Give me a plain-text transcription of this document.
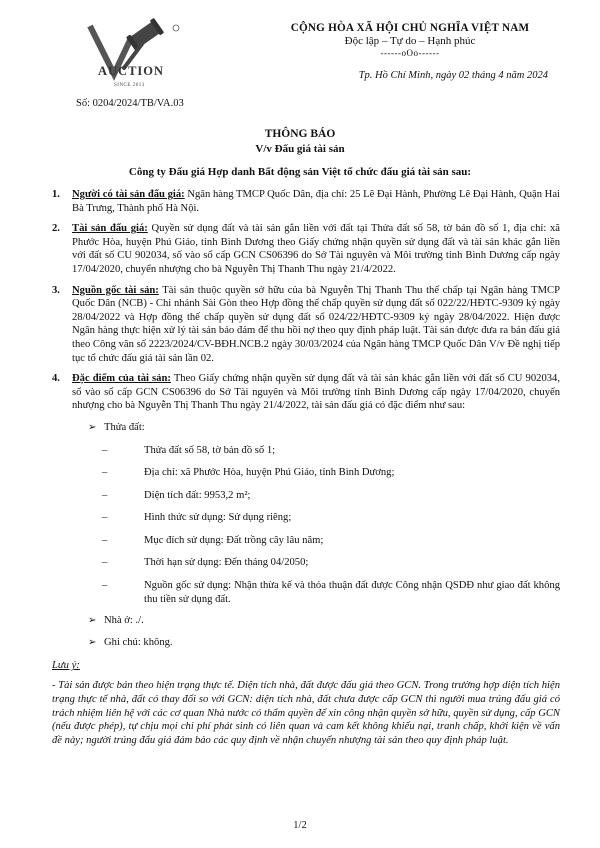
AUCTION
SINCE 2013
Số: 0204/2024/TB/VA.03
CỘNG HÒA XÃ HỘI CHỦ NGHĨA VIỆT NAM
Độc lập – Tự do – Hạnh phúc
------oOo------
Tp. Hồ Chí Minh, ngày 02 tháng 4 năm 2024
THÔNG BÁO
V/v Đấu giá tài sản
Công ty Đấu giá Hợp danh Bất động sản Việt tổ chức đấu giá tài sản sau:
1. Người có tài sản đấu giá: Ngân hàng TMCP Quốc Dân, địa chỉ: 25 Lê Đại Hành, Phường Lê Đại Hành, Quận Hai Bà Trưng, Thành phố Hà Nội.
2. Tài sản đấu giá: Quyền sử dụng đất và tài sản gắn liền với đất tại Thửa đất số 58, tờ bản đồ số 1, địa chỉ: xã Phước Hòa, huyện Phú Giáo, tỉnh Bình Dương theo Giấy chứng nhận quyền sử dụng đất và tài sản khác gắn liền với đất số CU 902034, số vào sổ cấp GCN CS06396 do Sở Tài nguyên và Môi trường tỉnh Bình Dương cấp ngày 17/04/2020, chuyển nhượng cho bà Nguyễn Thị Thanh Thu ngày 21/4/2022.
3. Nguồn gốc tài sản: Tài sản thuộc quyền sở hữu của bà Nguyễn Thị Thanh Thu thế chấp tại Ngân hàng TMCP Quốc Dân (NCB) - Chi nhánh Sài Gòn theo Hợp đồng thế chấp quyền sử dụng đất số 022/22/HĐTC-9309 ký ngày 28/04/2022 và Hợp đồng thế chấp quyền sử dụng đất số 024/22/HĐTC-9309 ký ngày 28/04/2022. Hiện được Ngân hàng thực hiện xử lý tài sản bảo đảm để thu hồi nợ theo quy định pháp luật. Tài sản được đưa ra bán đấu giá theo Công văn số 2223/2024/CV-BĐH.NCB.2 ngày 30/03/2024 của Ngân hàng TMCP Quốc Dân V/v Đề nghị tiếp tục tổ chức đấu giá tài sản lần 02.
4. Đặc điểm của tài sản: Theo Giấy chứng nhận quyền sử dụng đất và tài sản khác gắn liền với đất số CU 902034, số vào sổ cấp GCN CS06396 do Sở Tài nguyên và Môi trường tỉnh Bình Dương cấp ngày 17/04/2020, chuyển nhượng cho bà Nguyễn Thị Thanh Thu ngày 21/4/2022, tài sản đấu giá có đặc điểm như sau:
➢ Thửa đất:
–	Thửa đất số 58, tờ bản đồ số 1;
–	Địa chỉ: xã Phước Hòa, huyện Phú Giáo, tỉnh Bình Dương;
–	Diện tích đất: 9953,2 m²;
–	Hình thức sử dụng: Sử dụng riêng;
–	Mục đích sử dụng: Đất trồng cây lâu năm;
–	Thời hạn sử dụng: Đến tháng 04/2050;
–	Nguồn gốc sử dụng: Nhận thừa kế và thỏa thuận đất được Công nhận QSDĐ như giao đất không thu tiền sử dụng đất.
➢ Nhà ở: ./.
➢ Ghi chú: không.
Lưu ý:
- Tài sản được bán theo hiện trạng thực tế. Diện tích nhà, đất được đấu giá theo GCN. Trong trường hợp diện tích hiện trạng thực tế nhà, đất có thay đổi so với GCN: diện tích nhà, đất chưa được cấp GCN thì người mua trúng đấu giá có trách nhiệm liên hệ với các cơ quan Nhà nước có thẩm quyền để xin công nhận quyền sở hữu, quyền sử dụng, cấp GCN (nếu được phép), tự chịu mọi chi phí phát sinh có liên quan và cam kết không khiếu nại, tranh chấp, khởi kiện về vấn đề này; người trúng đấu giá đảm bảo các quy định về nhận chuyển nhượng tài sản theo quy định pháp luật.
1/2
